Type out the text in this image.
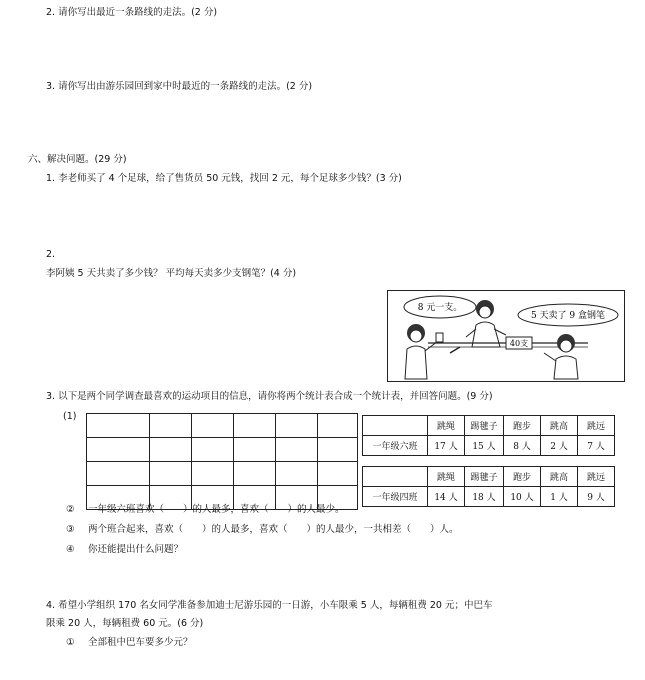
2. 请你写出最近一条路线的走法。(2 分)
3. 请你写出由游乐园回到家中时最近的一条路线的走法。(2 分)
六、解决问题。(29 分)
1. 李老师买了 4 个足球，给了售货员 50 元钱，找回 2 元，每个足球多少钱？(3 分)
2.
李阿姨 5 天共卖了多少钱？ 平均每天卖多少支钢笔？(4 分)
8 元一支。
5 天卖了 9 盒钢笔
40支
3. 以下是两个同学调查最喜欢的运动项目的信息，请你将两个统计表合成一个统计表，并回答问题。(9 分)
(1)

	跳绳	踢毽子	跑步	跳高	跳远
一年级六班	17 人	15 人	8 人	2 人	7 人
	跳绳	踢毽子	跑步	跳高	跳远
一年级四班	14 人	18 人	10 人	1 人	9 人
② 一年级六班喜欢（　　）的人最多，喜欢（　　）的人最少。
③ 两个班合起来，喜欢（　　）的人最多，喜欢（　　）的人最少，一共相差（　　）人。
④ 你还能提出什么问题？
4. 希望小学组织 170 名女同学准备参加迪士尼游乐园的一日游，小车限乘 5 人，每辆租费 20 元；中巴车
限乘 20 人，每辆租费 60 元。(6 分)
① 全部租中巴车要多少元？
